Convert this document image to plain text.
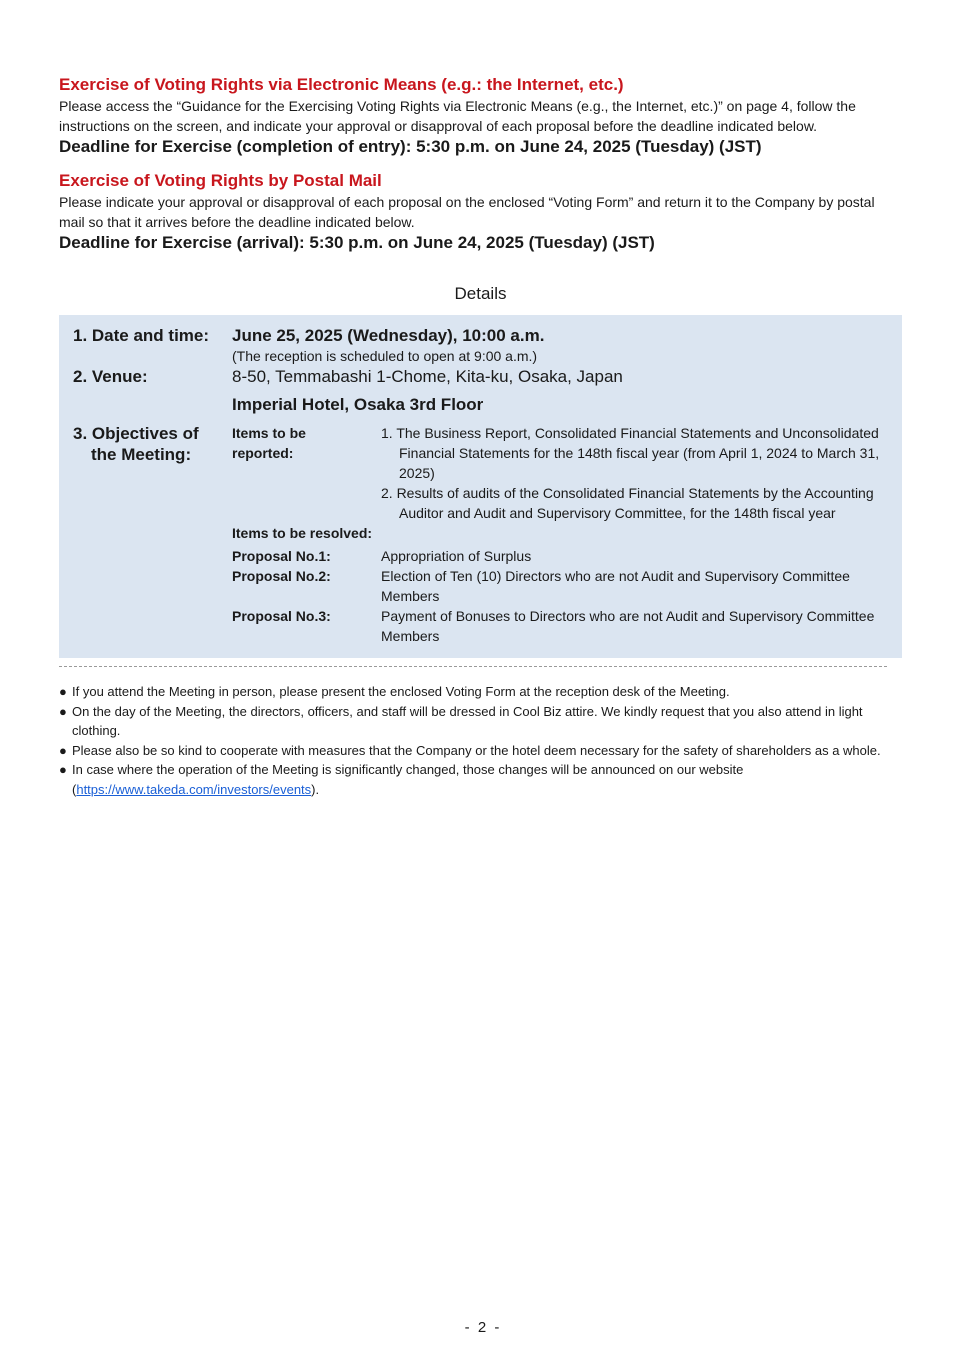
Exercise of Voting Rights via Electronic Means (e.g.: the Internet, etc.)

Please access the “Guidance for the Exercising Voting Rights via Electronic Means (e.g., the Internet, etc.)” on page 4, follow the instructions on the screen, and indicate your approval or disapproval of each proposal before the deadline indicated below.

Deadline for Exercise (completion of entry): 5:30 p.m. on June 24, 2025 (Tuesday) (JST)

Exercise of Voting Rights by Postal Mail

Please indicate your approval or disapproval of each proposal on the enclosed “Voting Form” and return it to the Company by postal mail so that it arrives before the deadline indicated below.

Deadline for Exercise (arrival): 5:30 p.m. on June 24, 2025 (Tuesday) (JST)

Details
1. Date and time:	June 25, 2025 (Wednesday), 10:00 a.m.
(The reception is scheduled to open at 9:00 a.m.)
2. Venue:	8-50, Temmabashi 1-Chome, Kita-ku, Osaka, Japan
Imperial Hotel, Osaka 3rd Floor
3. Objectives of
the Meeting:
Items to be
reported:
1. The Business Report, Consolidated Financial Statements and Unconsolidated Financial Statements for the 148th fiscal year (from April 1, 2024 to March 31, 2025)
2. Results of audits of the Consolidated Financial Statements by the Accounting Auditor and Audit and Supervisory Committee, for the 148th fiscal year
Items to be resolved:
Proposal No.1:	Appropriation of Surplus
Proposal No.2:	Election of Ten (10) Directors who are not Audit and Supervisory Committee Members
Proposal No.3:	Payment of Bonuses to Directors who are not Audit and Supervisory Committee Members
● If you attend the Meeting in person, please present the enclosed Voting Form at the reception desk of the Meeting.
● On the day of the Meeting, the directors, officers, and staff will be dressed in Cool Biz attire. We kindly request that you also attend in light clothing.
● Please also be so kind to cooperate with measures that the Company or the hotel deem necessary for the safety of shareholders as a whole.
● In case where the operation of the Meeting is significantly changed, those changes will be announced on our website (https://www.takeda.com/investors/events).
- 2 -
